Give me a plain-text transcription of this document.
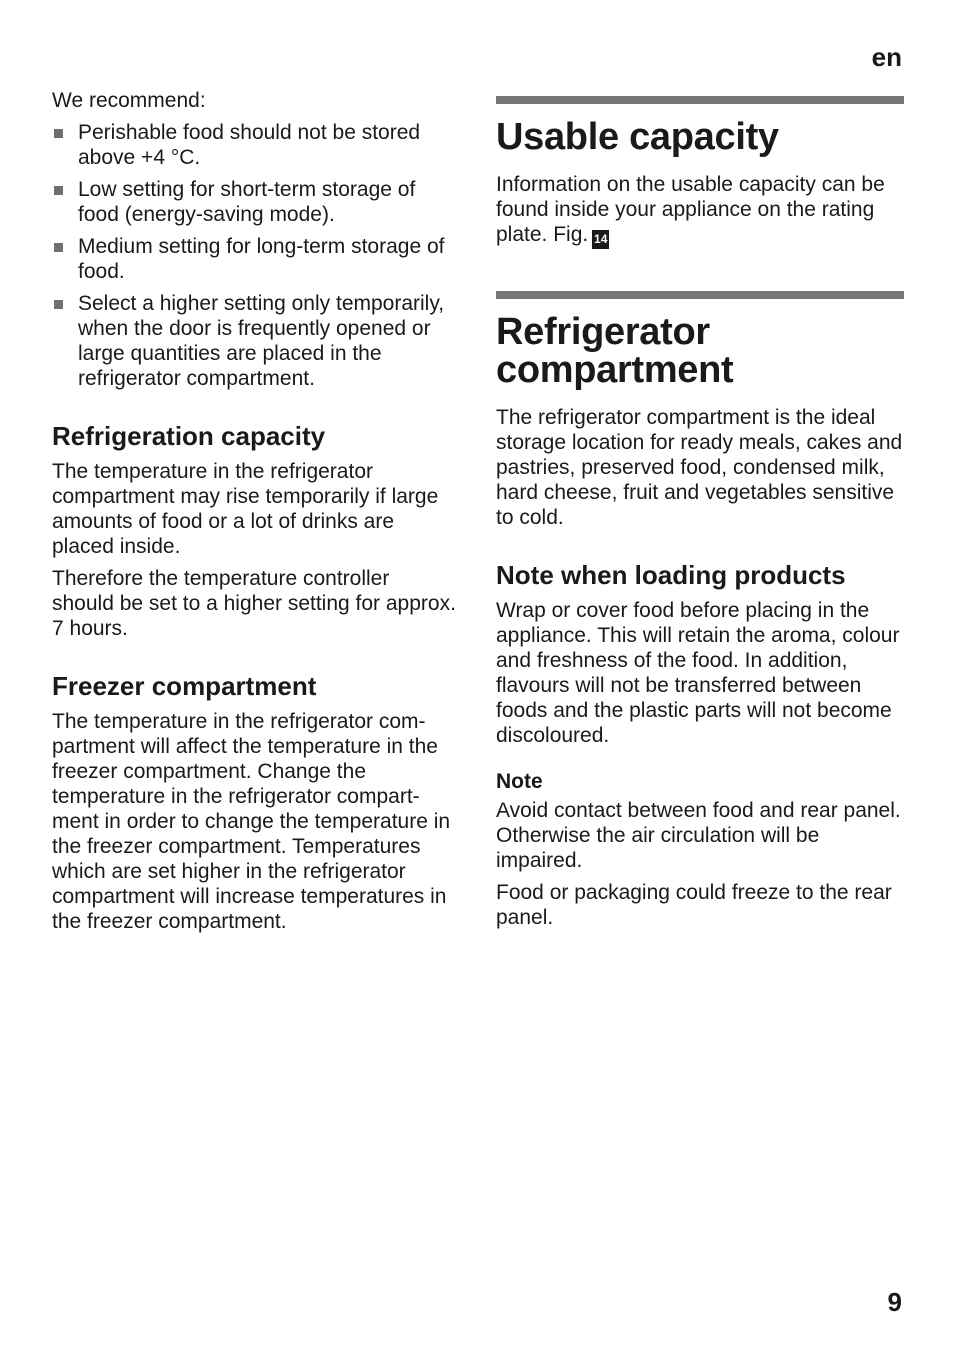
en

We recommend:

Perishable food should not be stored above +4 °C.
Low setting for short-term storage of food (energy-saving mode).
Medium setting for long-term storage of food.
Select a higher setting only temporarily, when the door is frequently opened or large quantities are placed in the refrigerator compartment.
Refrigeration capacity

The temperature in the refrigerator compartment may rise temporarily if large amounts of food or a lot of drinks are placed inside.

Therefore the temperature controller should be set to a higher setting for approx. 7 hours.

Freezer compartment

The temperature in the refrigerator compartment will affect the temperature in the freezer compartment. Change the temperature in the refrigerator compartment in order to change the temperature in the freezer compartment. Temperatures which are set higher in the refrigerator compartment will increase temperatures in the freezer compartment.

Usable capacity

Information on the usable capacity can be found inside your appliance on the rating plate. Fig. 14

Refrigerator compartment

The refrigerator compartment is the ideal storage location for ready meals, cakes and pastries, preserved food, condensed milk, hard cheese, fruit and vegetables sensitive to cold.

Note when loading products

Wrap or cover food before placing in the appliance. This will retain the aroma, colour and freshness of the food. In addition, flavours will not be transferred between foods and the plastic parts will not become discoloured.

Note

Avoid contact between food and rear panel. Otherwise the air circulation will be impaired.

Food or packaging could freeze to the rear panel.

9
